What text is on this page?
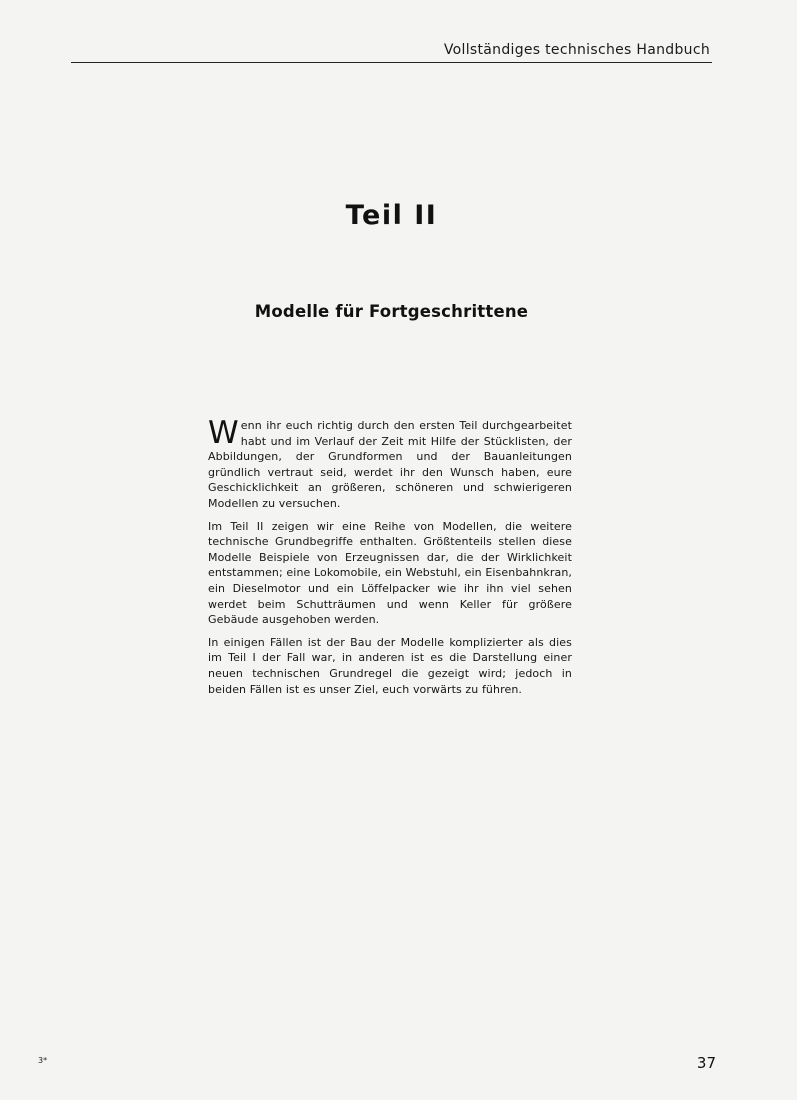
Vollständiges technisches Handbuch
Teil II
Modelle für Fortgeschrittene

Wenn ihr euch richtig durch den ersten Teil durchgearbeitet habt und im Verlauf der Zeit mit Hilfe der Stücklisten, der Abbildungen, der Grundformen und der Bauanleitungen gründlich vertraut seid, werdet ihr den Wunsch haben, eure Geschicklichkeit an größeren, schöneren und schwierigeren Modellen zu versuchen.

Im Teil II zeigen wir eine Reihe von Modellen, die weitere technische Grundbegriffe enthalten. Größtenteils stellen diese Modelle Beispiele von Erzeugnissen dar, die der Wirklichkeit entstammen; eine Lokomobile, ein Webstuhl, ein Eisenbahnkran, ein Dieselmotor und ein Löffelpacker wie ihr ihn viel sehen werdet beim Schutträumen und wenn Keller für größere Gebäude ausgehoben werden.

In einigen Fällen ist der Bau der Modelle komplizierter als dies im Teil I der Fall war, in anderen ist es die Darstellung einer neuen technischen Grundregel die gezeigt wird; jedoch in beiden Fällen ist es unser Ziel, euch vorwärts zu führen.

3*	37
